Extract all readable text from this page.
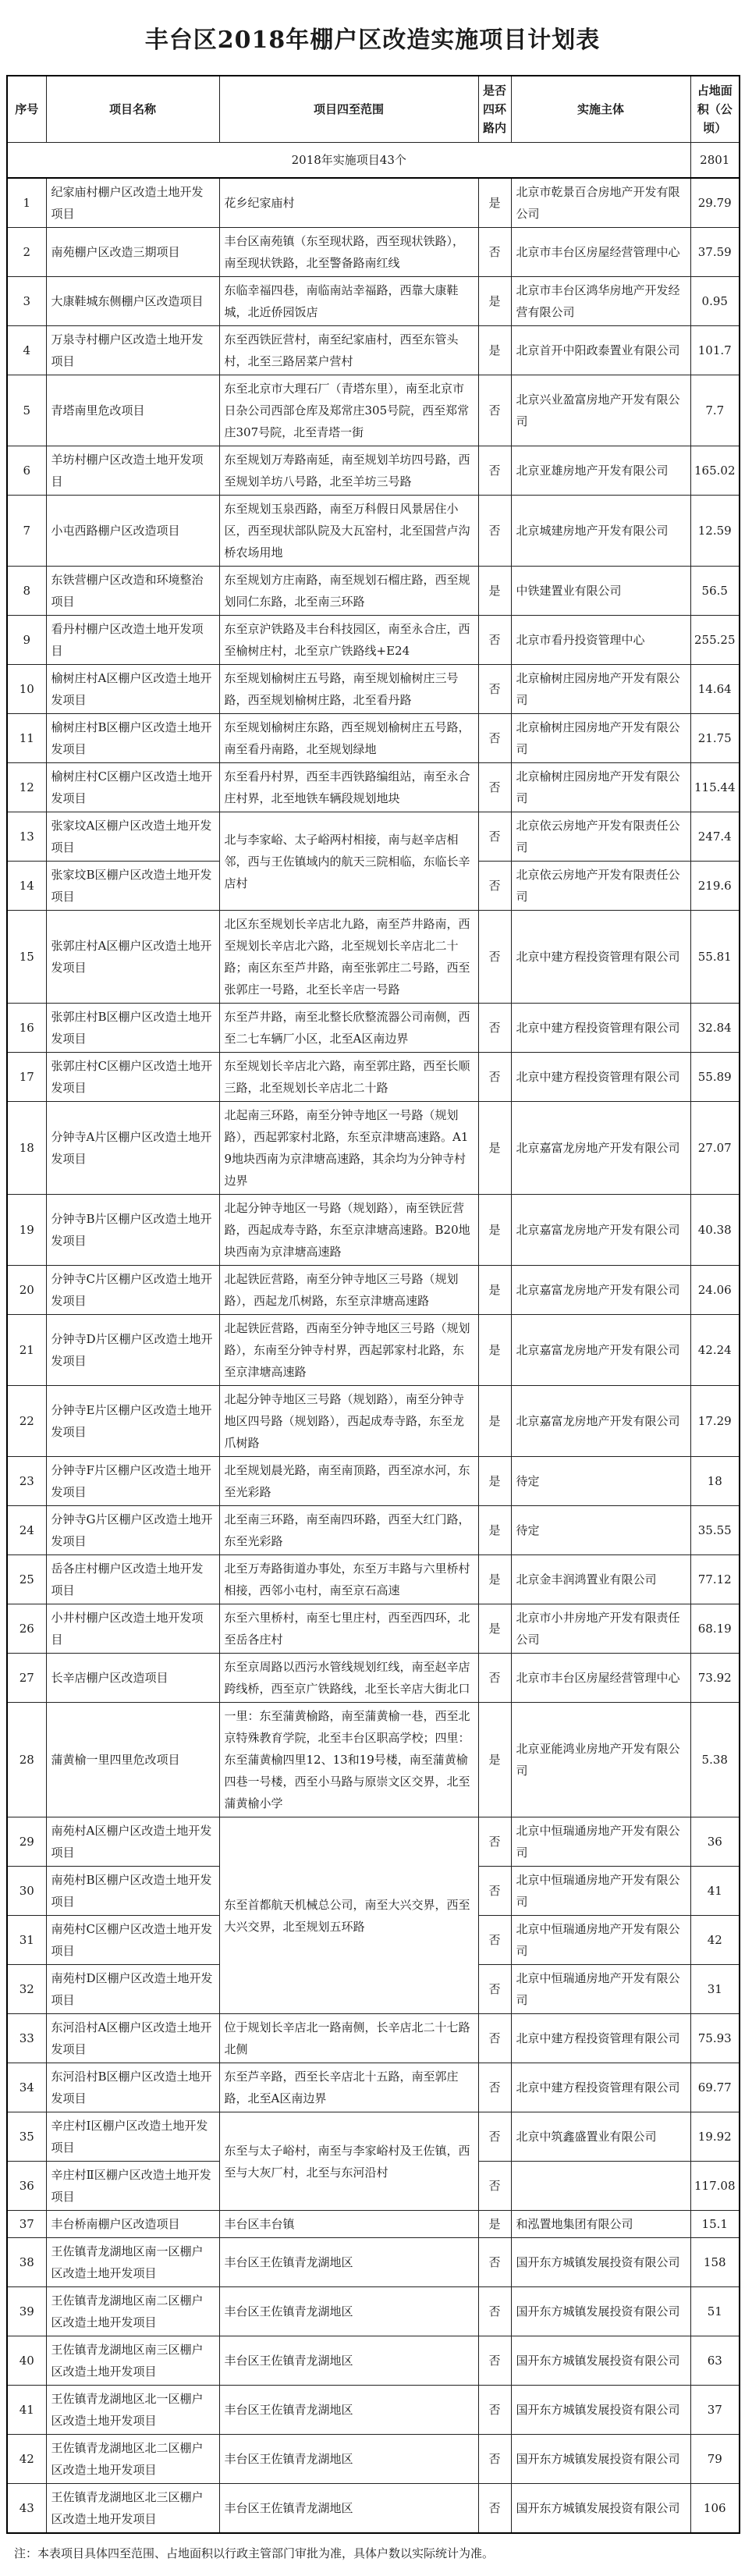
丰台区2018年棚户区改造实施项目计划表
序号	项目名称	项目四至范围	是否四环路内	实施主体	占地面积（公顷）
2018年实施项目43个					2801
1	纪家庙村棚户区改造土地开发项目	花乡纪家庙村	是	北京市乾景百合房地产开发有限公司	29.79
2	南苑棚户区改造三期项目	丰台区南苑镇（东至现状路，西至现状铁路），南至现状铁路，北至警备路南红线	否	北京市丰台区房屋经营管理中心	37.59
3	大康鞋城东侧棚户区改造项目	东临幸福四巷，南临南站幸福路，西靠大康鞋城，北近侨园饭店	是	北京市丰台区鸿华房地产开发经营有限公司	0.95
4	万泉寺村棚户区改造土地开发项目	东至西铁匠营村，南至纪家庙村，西至东管头村，北至三路居菜户营村	是	北京首开中阳政泰置业有限公司	101.7
5	青塔南里危改项目	东至北京市大理石厂（青塔东里），南至北京市日杂公司西部仓库及郑常庄305号院，西至郑常庄307号院，北至青塔一街	否	北京兴业盈富房地产开发有限公司	7.7
6	羊坊村棚户区改造土地开发项目	东至规划万寿路南延，南至规划羊坊四号路，西至规划羊坊八号路，北至羊坊三号路	否	北京亚雄房地产开发有限公司	165.02
7	小屯西路棚户区改造项目	东至规划玉泉西路，南至万科假日风景居住小区，西至现状部队院及大瓦窑村，北至国营卢沟桥农场用地	否	北京城建房地产开发有限公司	12.59
8	东铁营棚户区改造和环境整治项目	东至规划方庄南路，南至规划石榴庄路，西至规划同仁东路，北至南三环路	是	中铁建置业有限公司	56.5
9	看丹村棚户区改造土地开发项目	东至京沪铁路及丰台科技园区，南至永合庄，西至榆树庄村，北至京广铁路线+E24	否	北京市看丹投资管理中心	255.25
10	榆树庄村A区棚户区改造土地开发项目	东至规划榆树庄五号路，南至规划榆树庄三号路，西至规划榆树庄路，北至看丹路	否	北京榆树庄园房地产开发有限公司	14.64
11	榆树庄村B区棚户区改造土地开发项目	东至规划榆树庄东路，西至规划榆树庄五号路，南至看丹南路，北至规划绿地	否	北京榆树庄园房地产开发有限公司	21.75
12	榆树庄村C区棚户区改造土地开发项目	东至看丹村界，西至丰西铁路编组站，南至永合庄村界，北至地铁车辆段规划地块	否	北京榆树庄园房地产开发有限公司	115.44
13	张家坟A区棚户区改造土地开发项目	北与李家峪、太子峪两村相接，南与赵辛店相邻，西与王佐镇域内的航天三院相临，东临长辛店村	否	北京依云房地产开发有限责任公司	247.4
14	张家坟B区棚户区改造土地开发项目		否	北京依云房地产开发有限责任公司	219.6
15	张郭庄村A区棚户区改造土地开发项目	北区东至规划长辛店北九路，南至芦井路南，西至规划长辛店北六路，北至规划长辛店北二十路；南区东至芦井路，南至张郭庄二号路，西至张郭庄一号路，北至长辛店一号路	否	北京中建方程投资管理有限公司	55.81
16	张郭庄村B区棚户区改造土地开发项目	东至芦井路，南至北整长欣整流器公司南侧，西至二七车辆厂小区，北至A区南边界	否	北京中建方程投资管理有限公司	32.84
17	张郭庄村C区棚户区改造土地开发项目	东至规划长辛店北六路，南至郭庄路，西至长顺三路，北至规划长辛店北二十路	否	北京中建方程投资管理有限公司	55.89
18	分钟寺A片区棚户区改造土地开发项目	北起南三环路，南至分钟寺地区一号路（规划路），西起郭家村北路，东至京津塘高速路。A19地块西南为京津塘高速路，其余均为分钟寺村边界	是	北京嘉富龙房地产开发有限公司	27.07
19	分钟寺B片区棚户区改造土地开发项目	北起分钟寺地区一号路（规划路），南至铁匠营路，西起成寿寺路，东至京津塘高速路。B20地块西南为京津塘高速路	是	北京嘉富龙房地产开发有限公司	40.38
20	分钟寺C片区棚户区改造土地开发项目	北起铁匠营路，南至分钟寺地区三号路（规划路），西起龙爪树路，东至京津塘高速路	是	北京嘉富龙房地产开发有限公司	24.06
21	分钟寺D片区棚户区改造土地开发项目	北起铁匠营路，西南至分钟寺地区三号路（规划路），东南至分钟寺村界，西起郭家村北路，东至京津塘高速路	是	北京嘉富龙房地产开发有限公司	42.24
22	分钟寺E片区棚户区改造土地开发项目	北起分钟寺地区三号路（规划路），南至分钟寺地区四号路（规划路），西起成寿寺路，东至龙爪树路	是	北京嘉富龙房地产开发有限公司	17.29
23	分钟寺F片区棚户区改造土地开发项目	北至规划晨光路，南至南顶路，西至凉水河，东至光彩路	是	待定	18
24	分钟寺G片区棚户区改造土地开发项目	北至南三环路，南至南四环路，西至大红门路，东至光彩路	是	待定	35.55
25	岳各庄村棚户区改造土地开发项目	北至万寿路街道办事处，东至万丰路与六里桥村相接，西邻小屯村，南至京石高速	是	北京金丰润鸿置业有限公司	77.12
26	小井村棚户区改造土地开发项目	东至六里桥村，南至七里庄村，西至西四环，北至岳各庄村	是	北京市小井房地产开发有限责任公司	68.19
27	长辛店棚户区改造项目	东至京周路以西污水管线规划红线，南至赵辛店跨线桥，西至京广铁路线，北至长辛店大街北口	否	北京市丰台区房屋经营管理中心	73.92
28	蒲黄榆一里四里危改项目	一里：东至蒲黄榆路，南至蒲黄榆一巷，西至北京特殊教育学院，北至丰台区职高学校；四里：东至蒲黄榆四里12、13和19号楼，南至蒲黄榆四巷一号楼，西至小马路与原崇文区交界，北至蒲黄榆小学	是	北京亚能鸿业房地产开发有限公司	5.38
29	南苑村A区棚户区改造土地开发项目	东至首都航天机械总公司，南至大兴交界，西至大兴交界，北至规划五环路	否	北京中恒瑞通房地产开发有限公司	36
30	南苑村B区棚户区改造土地开发项目		否	北京中恒瑞通房地产开发有限公司	41
31	南苑村C区棚户区改造土地开发项目		否	北京中恒瑞通房地产开发有限公司	42
32	南苑村D区棚户区改造土地开发项目		否	北京中恒瑞通房地产开发有限公司	31
33	东河沿村A区棚户区改造土地开发项目	位于规划长辛店北一路南侧，长辛店北二十七路北侧	否	北京中建方程投资管理有限公司	75.93
34	东河沿村B区棚户区改造土地开发项目	东至芦辛路，西至长辛店北十五路，南至郭庄路，北至A区南边界	否	北京中建方程投资管理有限公司	69.77
35	辛庄村Ⅰ区棚户区改造土地开发项目	东至与太子峪村，南至与李家峪村及王佐镇，西至与大灰厂村，北至与东河沿村	否	北京中筑鑫盛置业有限公司	19.92
36	辛庄村Ⅱ区棚户区改造土地开发项目		否		117.08
37	丰台桥南棚户区改造项目	丰台区丰台镇	是	和泓置地集团有限公司	15.1
38	王佐镇青龙湖地区南一区棚户区改造土地开发项目	丰台区王佐镇青龙湖地区	否	国开东方城镇发展投资有限公司	158
39	王佐镇青龙湖地区南二区棚户区改造土地开发项目	丰台区王佐镇青龙湖地区	否	国开东方城镇发展投资有限公司	51
40	王佐镇青龙湖地区南三区棚户区改造土地开发项目	丰台区王佐镇青龙湖地区	否	国开东方城镇发展投资有限公司	63
41	王佐镇青龙湖地区北一区棚户区改造土地开发项目	丰台区王佐镇青龙湖地区	否	国开东方城镇发展投资有限公司	37
42	王佐镇青龙湖地区北二区棚户区改造土地开发项目	丰台区王佐镇青龙湖地区	否	国开东方城镇发展投资有限公司	79
43	王佐镇青龙湖地区北三区棚户区改造土地开发项目	丰台区王佐镇青龙湖地区	否	国开东方城镇发展投资有限公司	106

注：本表项目具体四至范围、占地面积以行政主管部门审批为准，具体户数以实际统计为准。
